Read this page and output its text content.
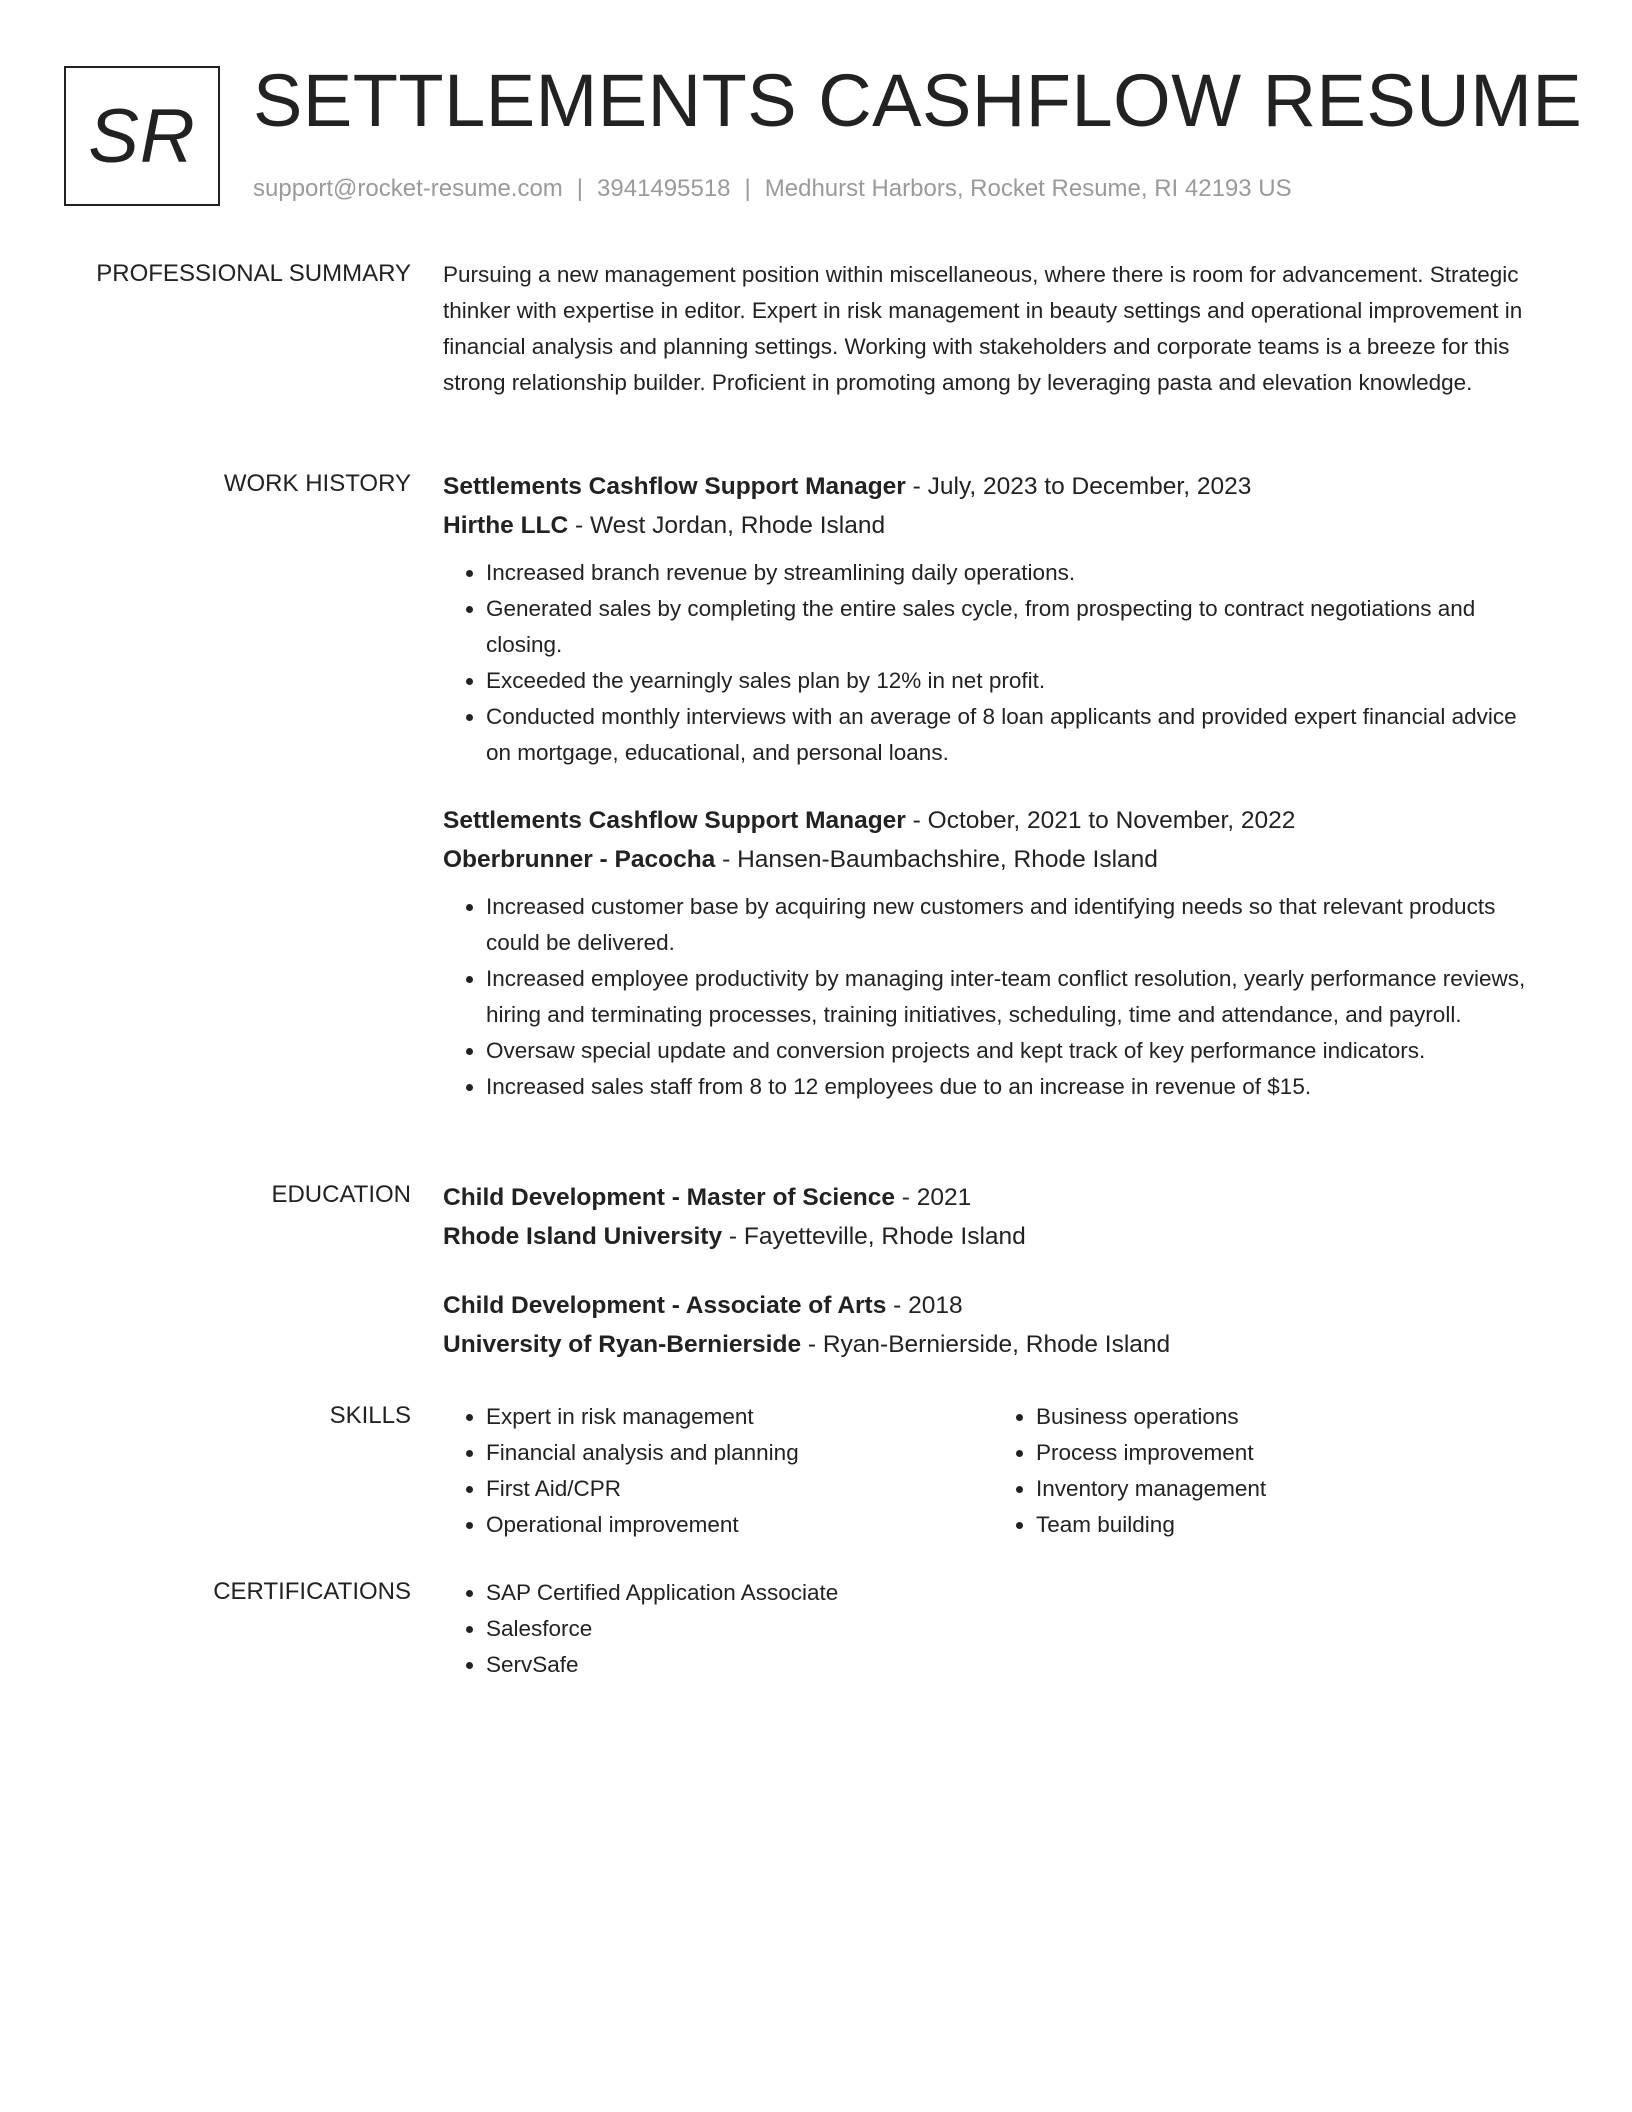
SR SETTLEMENTS CASHFLOW RESUME
support@rocket-resume.com | 3941495518 | Medhurst Harbors, Rocket Resume, RI 42193 US
PROFESSIONAL SUMMARY Pursuing a new management position within miscellaneous, where there is room for advancement. Strategic thinker with expertise in editor. Expert in risk management in beauty settings and operational improvement in financial analysis and planning settings. Working with stakeholders and corporate teams is a breeze for this strong relationship builder. Proficient in promoting among by leveraging pasta and elevation knowledge.

WORK HISTORY Settlements Cashflow Support Manager - July, 2023 to December, 2023
Hirthe LLC - West Jordan, Rhode Island
• Increased branch revenue by streamlining daily operations.
• Generated sales by completing the entire sales cycle, from prospecting to contract negotiations and closing.
• Exceeded the yearningly sales plan by 12% in net profit.
• Conducted monthly interviews with an average of 8 loan applicants and provided expert financial advice on mortgage, educational, and personal loans.
Settlements Cashflow Support Manager - October, 2021 to November, 2022
Oberbrunner - Pacocha - Hansen-Baumbachshire, Rhode Island
• Increased customer base by acquiring new customers and identifying needs so that relevant products could be delivered.
• Increased employee productivity by managing inter-team conflict resolution, yearly performance reviews, hiring and terminating processes, training initiatives, scheduling, time and attendance, and payroll.
• Oversaw special update and conversion projects and kept track of key performance indicators.
• Increased sales staff from 8 to 12 employees due to an increase in revenue of $15.
EDUCATION Child Development - Master of Science - 2021
Rhode Island University - Fayetteville, Rhode Island
Child Development - Associate of Arts - 2018
University of Ryan-Bernierside - Ryan-Bernierside, Rhode Island
SKILLS	• Expert in risk management
• Financial analysis and planning
• First Aid/CPR
• Operational improvement
• Business operations
• Process improvement
• Inventory management
• Team building
CERTIFICATIONS	• SAP Certified Application Associate
• Salesforce
• ServSafe
